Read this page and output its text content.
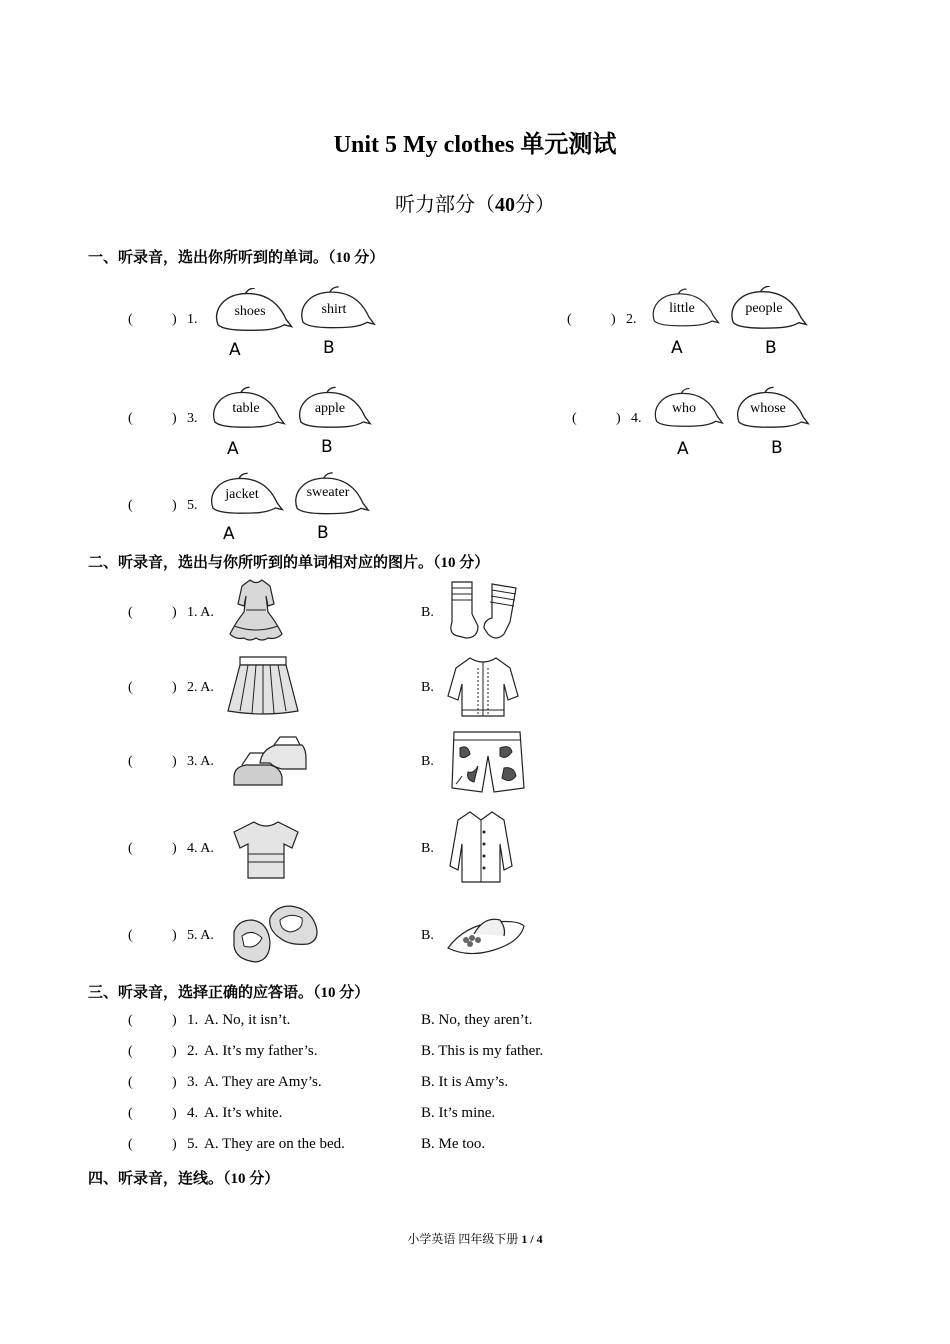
Unit 5 My clothes 单元测试
听力部分（40分）
一、听录音，选出你所听到的单词。（10 分）
(	) 1.
shoes	shirt
A	B
(	) 2.
little	people
A	B
(	) 3.
table	apple
A	B
(	) 4.
who	whose
A	B
(	) 5.
jacket	sweater
A	B
二、听录音，选出与你所听到的单词相对应的图片。（10 分）
(	) 1. A.	B.
(	) 2. A.	B.
(	) 3. A.	B.
(	) 4. A.	B.
(	) 5. A.	B.
三、听录音，选择正确的应答语。（10 分）
(	) 1. A. No, it isn’t.	B. No, they aren’t.
(	) 2. A. It’s my father’s.	B. This is my father.
(	) 3. A. They are Amy’s.	B. It is Amy’s.
(	) 4. A. It’s white.	B. It’s mine.
(	) 5. A. They are on the bed.	B. Me too.
四、听录音，连线。（10 分）
小学英语 四年级下册 1 / 4
